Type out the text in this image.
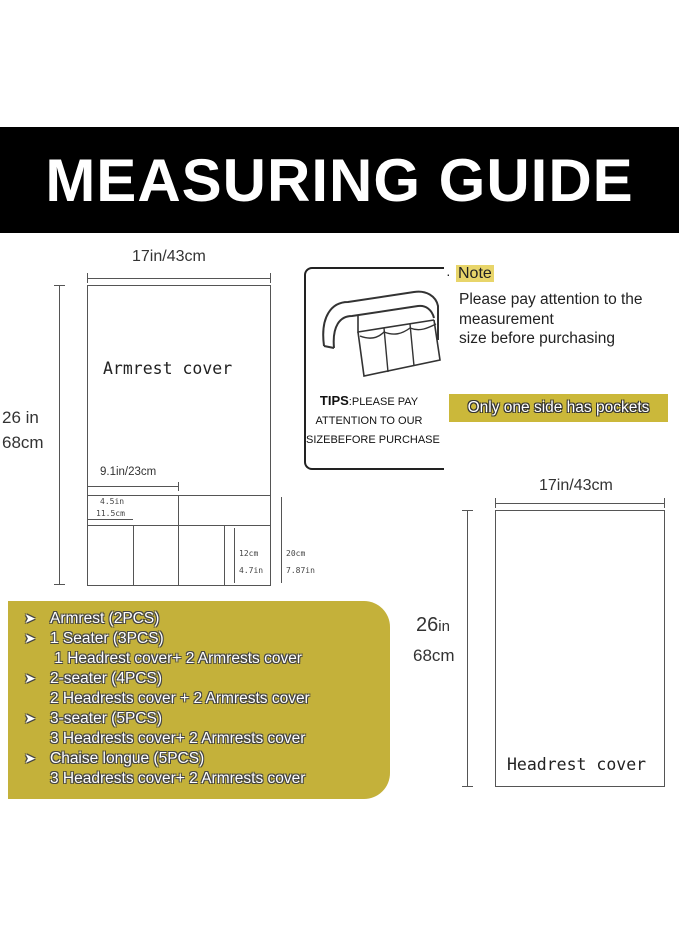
MEASURING GUIDE
17in/43cm
26 in
68cm
Armrest cover
9.1in/23cm
4.5in
11.5cm
12cm
4.7in
20cm
7.87in
TIPS:PLEASE PAY
ATTENTION TO OUR
SIZEBEFORE PURCHASE
· Note
Please pay attention to the
measurement
size before purchasing
Only one side has pockets
17in/43cm
26in
68cm
Headrest cover
➤ Armrest (2PCS)
➤ 1 Seater (3PCS)
1 Headrest cover+ 2 Armrests cover
➤ 2-seater (4PCS)
2 Headrests cover + 2 Armrests cover
➤ 3-seater (5PCS)
3 Headrests cover+ 2 Armrests cover
➤ Chaise longue (5PCS)
3 Headrests cover+ 2 Armrests cover
